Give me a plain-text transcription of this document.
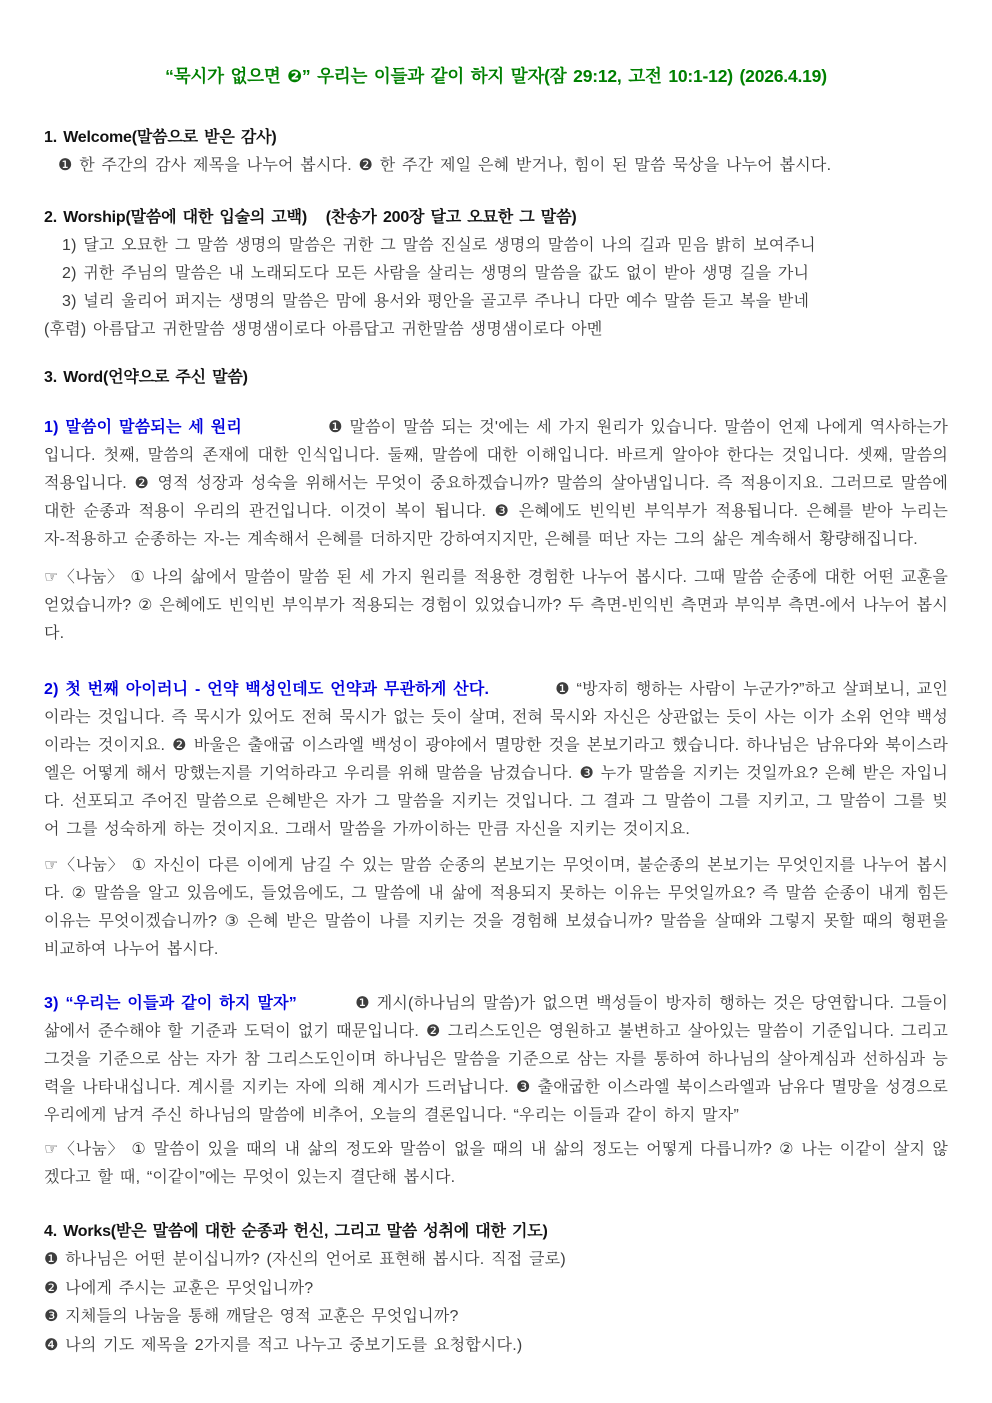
“묵시가 없으면 ❷” 우리는 이들과 같이 하지 말자(잠 29:12, 고전 10:1-12) (2026.4.19)
1. Welcome(말씀으로 받은 감사)
❶ 한 주간의 감사 제목을 나누어 봅시다. ❷ 한 주간 제일 은혜 받거나, 힘이 된 말씀 묵상을 나누어 봅시다.
2. Worship(말씀에 대한 입술의 고백) (찬송가 200장 달고 오묘한 그 말씀)
1) 달고 오묘한 그 말씀 생명의 말씀은 귀한 그 말씀 진실로 생명의 말씀이 나의 길과 믿음 밝히 보여주니
2) 귀한 주님의 말씀은 내 노래되도다 모든 사람을 살리는 생명의 말씀을 값도 없이 받아 생명 길을 가니
3) 널리 울리어 퍼지는 생명의 말씀은 맘에 용서와 평안을 골고루 주나니 다만 예수 말씀 듣고 복을 받네
(후렴) 아름답고 귀한말씀 생명샘이로다 아름답고 귀한말씀 생명샘이로다 아멘
3. Word(언약으로 주신 말씀)

1) 말씀이 말씀되는 세 원리	❶ 말씀이 말씀 되는 것'에는 세 가지 원리가 있습니다. 말씀이 언제 나에게 역사하는가입니다. 첫째, 말씀의 존재에 대한 인식입니다. 둘째, 말씀에 대한 이해입니다. 바르게 알아야 한다는 것입니다. 셋째, 말씀의 적용입니다. ❷ 영적 성장과 성숙을 위해서는 무엇이 중요하겠습니까? 말씀의 살아냄입니다. 즉 적용이지요. 그러므로 말씀에 대한 순종과 적용이 우리의 관건입니다. 이것이 복이 됩니다. ❸ 은혜에도 빈익빈 부익부가 적용됩니다. 은혜를 받아 누리는 자-적용하고 순종하는 자-는 계속해서 은혜를 더하지만 강하여지지만, 은혜를 떠난 자는 그의 삶은 계속해서 황량해집니다.

☞〈나눔〉 ① 나의 삶에서 말씀이 말씀 된 세 가지 원리를 적용한 경험한 나누어 봅시다. 그때 말씀 순종에 대한 어떤 교훈을 얻었습니까? ② 은혜에도 빈익빈 부익부가 적용되는 경험이 있었습니까? 두 측면-빈익빈 측면과 부익부 측면-에서 나누어 봅시다.

2) 첫 번째 아이러니 - 언약 백성인데도 언약과 무관하게 산다.	❶ “방자히 행하는 사람이 누군가?”하고 살펴보니, 교인이라는 것입니다. 즉 묵시가 있어도 전혀 묵시가 없는 듯이 살며, 전혀 묵시와 자신은 상관없는 듯이 사는 이가 소위 언약 백성이라는 것이지요. ❷ 바울은 출애굽 이스라엘 백성이 광야에서 멸망한 것을 본보기라고 했습니다. 하나님은 남유다와 북이스라엘은 어떻게 해서 망했는지를 기억하라고 우리를 위해 말씀을 남겼습니다. ❸ 누가 말씀을 지키는 것일까요? 은혜 받은 자입니다. 선포되고 주어진 말씀으로 은혜받은 자가 그 말씀을 지키는 것입니다. 그 결과 그 말씀이 그를 지키고, 그 말씀이 그를 빚어 그를 성숙하게 하는 것이지요. 그래서 말씀을 가까이하는 만큼 자신을 지키는 것이지요.

☞〈나눔〉 ① 자신이 다른 이에게 남길 수 있는 말씀 순종의 본보기는 무엇이며, 불순종의 본보기는 무엇인지를 나누어 봅시다. ② 말씀을 알고 있음에도, 들었음에도, 그 말씀에 내 삶에 적용되지 못하는 이유는 무엇일까요? 즉 말씀 순종이 내게 힘든 이유는 무엇이겠습니까? ③ 은혜 받은 말씀이 나를 지키는 것을 경험해 보셨습니까? 말씀을 살때와 그렇지 못할 때의 형편을 비교하여 나누어 봅시다.

3) “우리는 이들과 같이 하지 말자”	❶ 게시(하나님의 말씀)가 없으면 백성들이 방자히 행하는 것은 당연합니다. 그들이 삶에서 준수해야 할 기준과 도덕이 없기 때문입니다. ❷ 그리스도인은 영원하고 불변하고 살아있는 말씀이 기준입니다. 그리고 그것을 기준으로 삼는 자가 참 그리스도인이며 하나님은 말씀을 기준으로 삼는 자를 통하여 하나님의 살아계심과 선하심과 능력을 나타내십니다. 계시를 지키는 자에 의해 계시가 드러납니다. ❸ 출애굽한 이스라엘 북이스라엘과 남유다 멸망을 성경으로 우리에게 남겨 주신 하나님의 말씀에 비추어, 오늘의 결론입니다. “우리는 이들과 같이 하지 말자”

☞〈나눔〉 ① 말씀이 있을 때의 내 삶의 정도와 말씀이 없을 때의 내 삶의 정도는 어떻게 다릅니까? ② 나는 이같이 살지 않겠다고 할 때, “이같이”에는 무엇이 있는지 결단해 봅시다.

4. Works(받은 말씀에 대한 순종과 헌신, 그리고 말씀 성취에 대한 기도)
❶ 하나님은 어떤 분이십니까? (자신의 언어로 표현해 봅시다. 직접 글로)
❷ 나에게 주시는 교훈은 무엇입니까?
❸ 지체들의 나눔을 통해 깨달은 영적 교훈은 무엇입니까?
❹ 나의 기도 제목을 2가지를 적고 나누고 중보기도를 요청합시다.)
